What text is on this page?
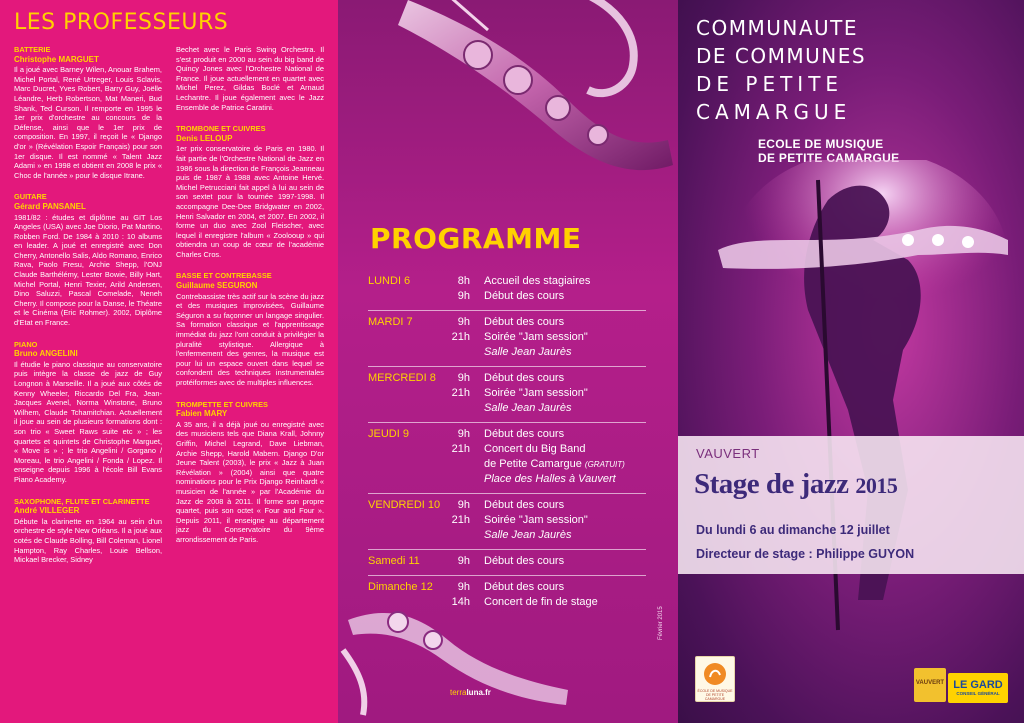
LES PROFESSEURS
BATTERIE
Christophe MARGUET
Il a joué avec Barney Wilen, Anouar Brahem, Michel Portal, René Urtreger, Louis Sclavis, Marc Ducret, Yves Robert, Barry Guy, Joëlle Léandre, Herb Robertson, Mat Maneri, Bud Shank, Ted Curson. Il remporte en 1995 le 1er prix d'orchestre au concours de la Défense, ainsi que le 1er prix de composition. En 1997, il reçoit le « Django d'or » (Révélation Espoir Français) pour son 1er disque. Il est nommé « Talent Jazz Adami » en 1998 et obtient en 2008 le prix « Choc de l'année » pour le disque Itrane.
GUITARE
Gérard PANSANEL
1981/82 : études et diplôme au GIT Los Angeles (USA) avec Joe Diorio, Pat Martino, Robben Ford. De 1984 à 2010 : 10 albums en leader. A joué et enregistré avec Don Cherry, Antonello Salis, Aldo Romano, Enrico Rava, Paolo Fresu, Archie Shepp, l'ONJ Claude Barthélémy, Lester Bowie, Billy Hart, Michel Portal, Henri Texier, Arild Andersen, Dino Saluzzi, Pascal Comelade, Neneh Cherry. Il compose pour la Danse, le Théatre et le Cinéma (Eric Rohmer). 2002, Diplôme d'Etat en France.
PIANO
Bruno ANGELINI
Il étudie le piano classique au conservatoire puis intègre la classe de jazz de Guy Longnon à Marseille. Il a joué aux côtés de Kenny Wheeler, Riccardo Del Fra, Jean-Jacques Avenel, Norma Winstone, Bruno Wilhem, Claude Tchamitchian. Actuellement il joue au sein de plusieurs formations dont : son trio « Sweet Raws suite etc » ; les quartets et quintets de Christophe Marguet, « Move is » ; le trio Angelini / Gorgano / Moreau, le trio Angelini / Fonda / Lopez. Il enseigne depuis 1996 à l'école Bill Evans Piano Academy.
SAXOPHONE, FLUTE ET CLARINETTE
André VILLEGER
Débute la clarinette en 1964 au sein d'un orchestre de style New Orléans. Il a joué aux cotés de Claude Bolling, Bill Coleman, Lionel Hampton, Ray Charles, Louie Bellson, Mickael Brecker, Sidney
Bechet avec le Paris Swing Orchestra. Il s'est produit en 2000 au sein du big band de Quincy Jones avec l'Orchestre National de France. Il joue actuellement en quartet avec Michel Perez, Gildas Boclé et Arnaud Lechantre. Il joue également avec le Jazz Ensemble de Patrice Caratini.
TROMBONE ET CUIVRES
Denis LELOUP
1er prix conservatoire de Paris en 1980. Il fait partie de l'Orchestre National de Jazz en 1986 sous la direction de François Jeanneau puis de 1987 à 1988 avec Antoine Hervé. Michel Petrucciani fait appel à lui au sein de son sextet pour la tournée 1997-1998. Il accompagne Dee-Dee Bridgwater en 2002, Henri Salvador en 2004, et 2007. En 2002, il forme un duo avec Zool Fleischer, avec lequel il enregistre l'album « Zoolooup » qui obtiendra un coup de cœur de l'académie Charles Cros.
BASSE ET CONTREBASSE
Guillaume SEGURON
Contrebassiste très actif sur la scène du jazz et des musiques improvisées, Guillaume Séguron a su façonner un langage singulier. Sa formation classique et l'apprentissage immédiat du jazz l'ont conduit à privilégier la pluralité stylistique. Allergique à l'enfermement des genres, la musique est pour lui un espace ouvert dans lequel se confondent des techniques instrumentales protéiformes avec de multiples influences.
TROMPETTE ET CUIVRES
Fabien MARY
A 35 ans, il a déjà joué ou enregistré avec des musiciens tels que Diana Krall, Johnny Griffin, Michel Legrand, Dave Liebman, Archie Shepp, Harold Mabern. Django D'or Jeune Talent (2003), le prix « Jazz à Juan Révélation » (2004) ainsi que quatre nominations pour le Prix Django Reinhardt « musicien de l'année » par l'Académie du Jazz de 2008 à 2011. Il forme son propre quartet, puis son octet « Four and Four ». Depuis 2011, il enseigne au département jazz du Conservatoire du 9ème arrondissement de Paris.
PROGRAMME
LUNDI 6	8h	Accueil des stagiaires
9h	Début des cours
MARDI 7	9h	Début des cours
21h	Soirée "Jam session"
Salle Jean Jaurès
MERCREDI 8	9h	Début des cours
21h	Soirée "Jam session"
Salle Jean Jaurès
JEUDI 9	9h	Début des cours
21h	Concert du Big Band
de Petite Camargue (GRATUIT)
Place des Halles à Vauvert
VENDREDI 10	9h	Début des cours
21h	Soirée "Jam session"
Salle Jean Jaurès
Samedi 11	9h	Début des cours
Dimanche 12	9h	Début des cours
14h	Concert de fin de stage
terraluna.fr
Février 2015
COMMUNAUTE
DE COMMUNES
DE PETITE
CAMARGUE
ECOLE DE MUSIQUE
DE PETITE CAMARGUE
VAUVERT
Stage de jazz 2015
Du lundi 6 au dimanche 12 juillet
Directeur de stage : Philippe GUYON
ÉCOLE DE MUSIQUE DE PETITE CAMARGUE
VAUVERT LE GARD
CONSEIL GÉNÉRAL
